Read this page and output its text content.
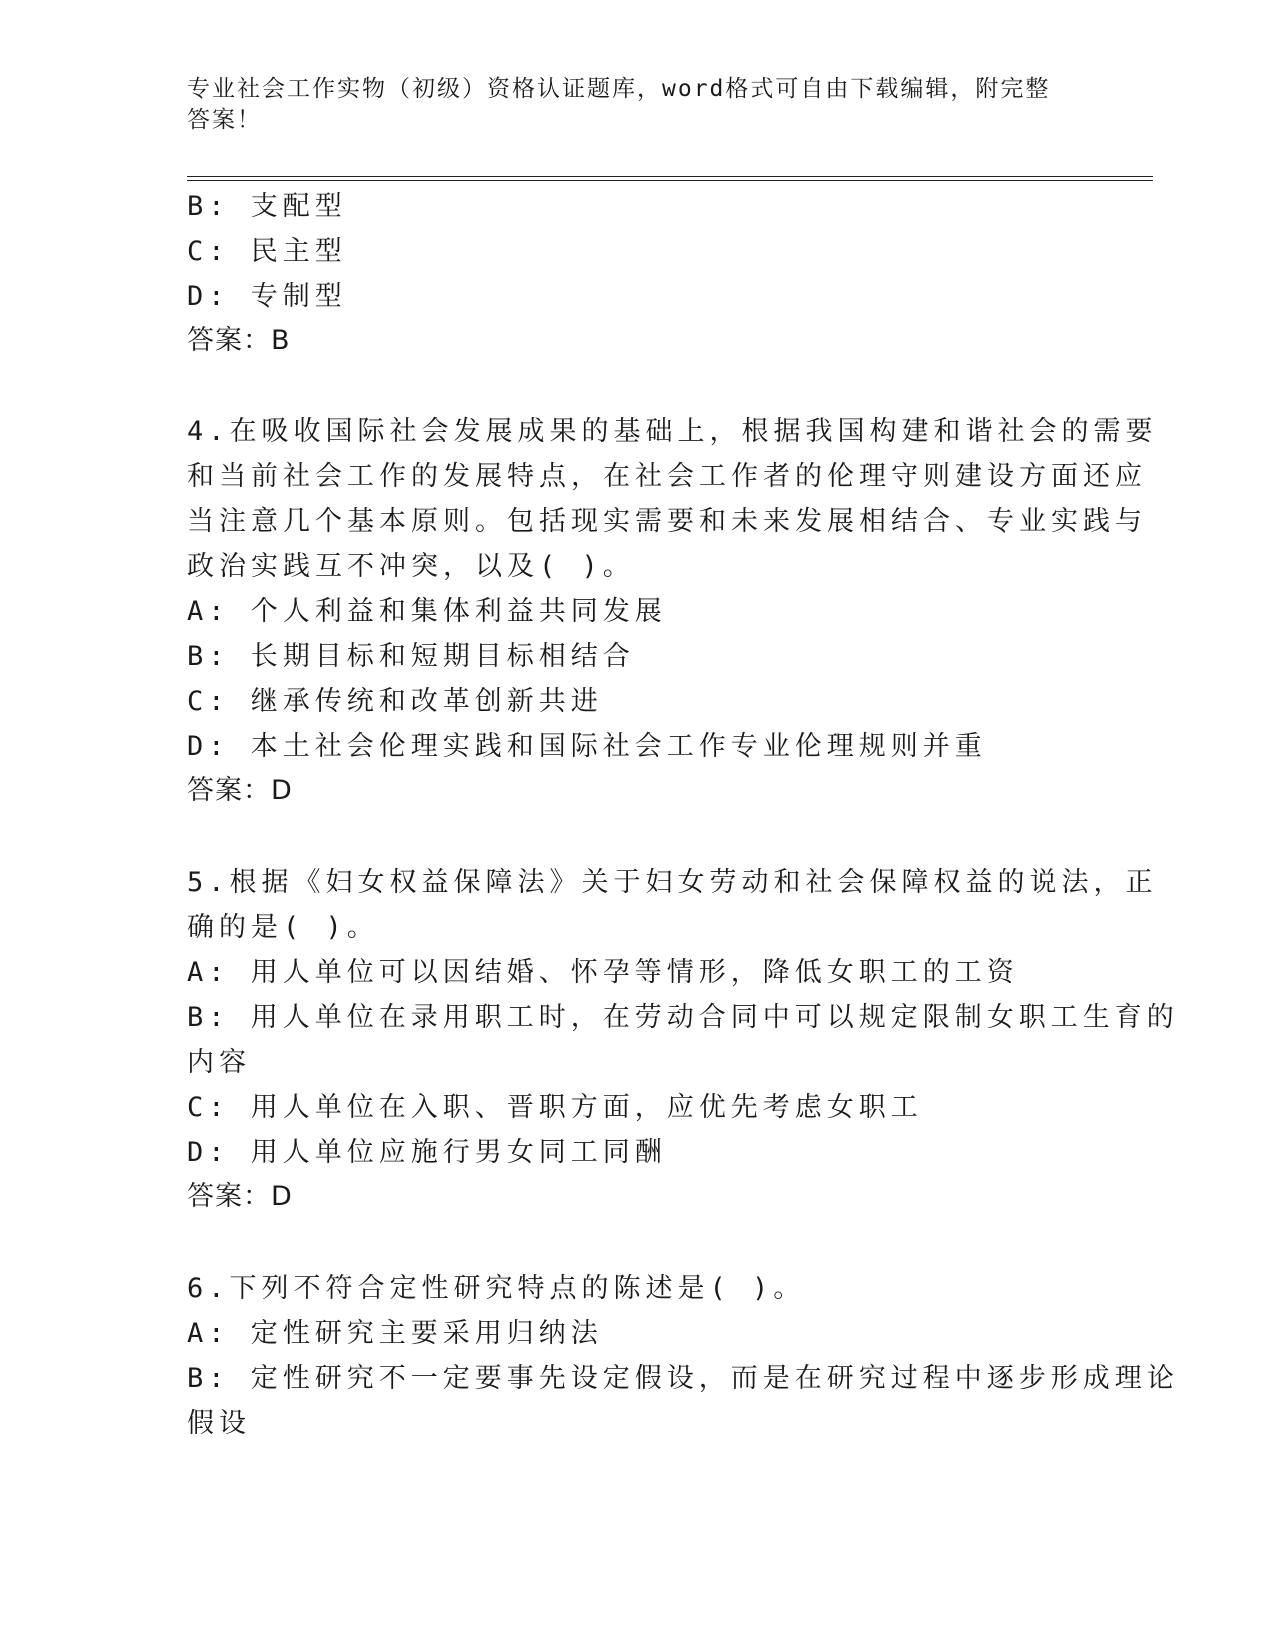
专业社会工作实物（初级）资格认证题库，word格式可自由下载编辑，附完整答案！
B: 支配型
C: 民主型
D: 专制型
答案：B
4.在吸收国际社会发展成果的基础上，根据我国构建和谐社会的需要
和当前社会工作的发展特点，在社会工作者的伦理守则建设方面还应
当注意几个基本原则。包括现实需要和未来发展相结合、专业实践与
政治实践互不冲突，以及( )。
A: 个人利益和集体利益共同发展
B: 长期目标和短期目标相结合
C: 继承传统和改革创新共进
D: 本土社会伦理实践和国际社会工作专业伦理规则并重
答案：D
5.根据《妇女权益保障法》关于妇女劳动和社会保障权益的说法，正
确的是( )。
A: 用人单位可以因结婚、怀孕等情形，降低女职工的工资
B: 用人单位在录用职工时，在劳动合同中可以规定限制女职工生育的
内容
C: 用人单位在入职、晋职方面，应优先考虑女职工
D: 用人单位应施行男女同工同酬
答案：D
6.下列不符合定性研究特点的陈述是( )。
A: 定性研究主要采用归纳法
B: 定性研究不一定要事先设定假设，而是在研究过程中逐步形成理论
假设
